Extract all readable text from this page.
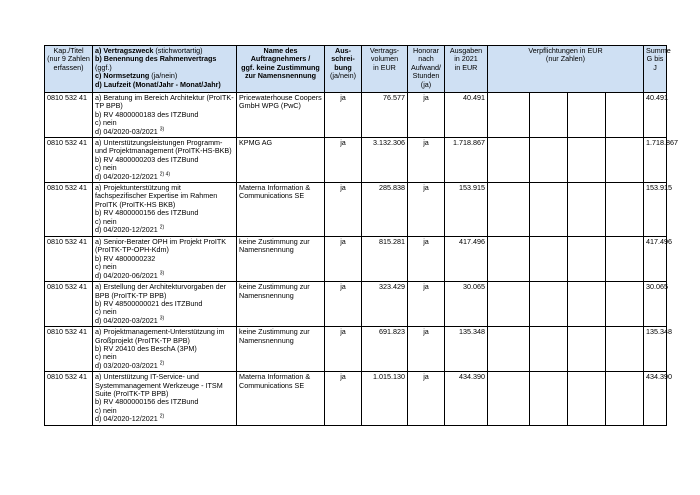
Kap./Titel
(nur 9 Zahlen
erfassen)	a) Vertragszweck (stichwortartig)
b) Benennung des Rahmenvertrags (ggf.)
c) Normsetzung (ja/nein)
d) Laufzeit (Monat/Jahr - Monat/Jahr)	Name des
Auftragnehmers /
ggf. keine Zustimmung
zur Namensnennung	Aus-
schrei-
bung
(ja/nein)	Vertrags-
volumen
in EUR	Honorar
nach
Aufwand/
Stunden
(ja)	Ausgaben
in 2021
in EUR	Verpflichtungen in EUR
(nur Zahlen)				Summe
G bis J

0810 532 41	a) Beratung im Bereich Architektur (ProITK-TP BPB)
b) RV 4800000183 des ITZBund
c) nein
d) 04/2020-03/2021 $^{3)}$	Pricewaterhouse Coopers GmbH WPG (PwC)	ja	76.577	ja	40.491					40.491
0810 532 41	a) Unterstützungsleistungen Programm- und Projektmanagement (ProITK-HS-BKB)
b) RV 4800000203 des ITZBund
c) nein
d) 04/2020-12/2021 $^{2) 4)}$	KPMG AG	ja	3.132.306	ja	1.718.867					1.718.867
0810 532 41	a) Projektunterstützung mit fachspezifischer Expertise im Rahmen ProITK (ProITK-HS BKB)
b) RV 4800000156 des ITZBund
c) nein
d) 04/2020-12/2021 $^{2)}$	Materna Information & Communications SE	ja	285.838	ja	153.915					153.915
0810 532 41	a) Senior-Berater OPH im Projekt ProITK (ProITK-TP-OPH-Kdm)
b) RV 4800000232
c) nein
d) 04/2020-06/2021 $^{3)}$	keine Zustimmung zur Namensnennung	ja	815.281	ja	417.496					417.496
0810 532 41	a) Erstellung der Architekturvorgaben der BPB (ProITK-TP BPB)
b) RV 48500000021 des ITZBund
c) nein
d) 04/2020-03/2021 $^{3)}$	keine Zustimmung zur Namensnennung	ja	323.429	ja	30.065					30.065
0810 532 41	a) Projektmanagement-Unterstützung im Großprojekt (ProITK-TP BPB)
b) RV 20410 des BeschA (3PM)
c) nein
d) 03/2020-03/2021 $^{2)}$	keine Zustimmung zur Namensnennung	ja	691.823	ja	135.348					135.348
0810 532 41	a) Unterstützung IT-Service- und Systemmanagement Werkzeuge - ITSM Suite (ProITK-TP BPB)
b) RV 4800000156 des ITZBund
c) nein
d) 04/2020-12/2021 $^{2)}$	Materna Information & Communications SE	ja	1.015.130	ja	434.390					434.390
